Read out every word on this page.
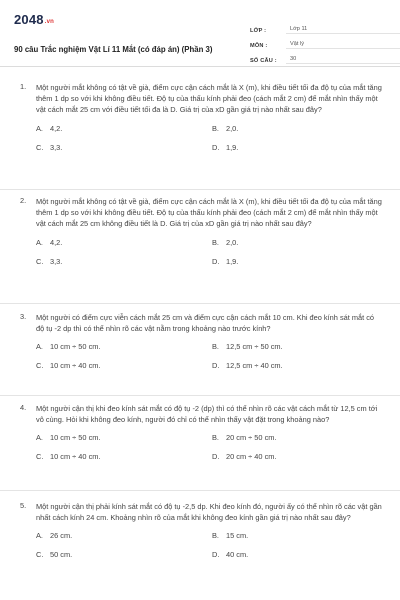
2048.vn
90 câu Trắc nghiệm Vật Lí 11 Mắt (có đáp án) (Phần 3)
LỚP :	Lớp 11
MÔN :	Vật lý
SỐ CÂU :	30
1. Một người mắt không có tật về già, điểm cực cận cách mắt là X (m), khi điều tiết tối đa độ tụ của mắt tăng thêm 1 dp so với khi không điều tiết. Độ tụ của thấu kính phải đeo (cách mắt 2 cm) để mắt nhìn thấy một vật cách mắt 25 cm với điều tiết tối đa là D. Giá trị của xD gần giá trị nào nhất sau đây?
A. 4,2.	B. 2,0.
C. 3,3.	D. 1,9.
2. Một người mắt không có tật về già, điểm cực cận cách mắt là X (m), khi điều tiết tối đa độ tụ của mắt tăng thêm 1 dp so với khi không điều tiết. Độ tụ của thấu kính phải đeo (cách mắt 2 cm) để mắt nhìn thấy một vật cách mắt 25 cm không điều tiết là D. Giá trị của xD gần giá trị nào nhất sau đây?
A. 4,2.	B. 2,0.
C. 3,3.	D. 1,9.
3. Một người có điểm cực viễn cách mắt 25 cm và điểm cực cận cách mắt 10 cm. Khi đeo kính sát mắt có độ tụ -2 dp thì có thể nhìn rõ các vật nằm trong khoảng nào trước kính?
A. 10 cm ÷ 50 cm.	B. 12,5 cm ÷ 50 cm.
C. 10 cm ÷ 40 cm.	D. 12,5 cm ÷ 40 cm.
4. Một người cận thị khi đeo kính sát mắt có độ tụ -2 (dp) thì có thể nhìn rõ các vật cách mắt từ 12,5 cm tới vô cùng. Hỏi khi không đeo kính, người đó chỉ có thể nhìn thấy vật đặt trong khoảng nào?
A. 10 cm ÷ 50 cm.	B. 20 cm ÷ 50 cm.
C. 10 cm ÷ 40 cm.	D. 20 cm ÷ 40 cm.
5. Một người cận thị phải kính sát mắt có độ tụ -2,5 dp. Khi đeo kính đó, người ấy có thể nhìn rõ các vật gần nhất cách kính 24 cm. Khoảng nhìn rõ của mắt khi không đeo kính gần giá trị nào nhất sau đây?
A. 26 cm.	B. 15 cm.
C. 50 cm.	D. 40 cm.
